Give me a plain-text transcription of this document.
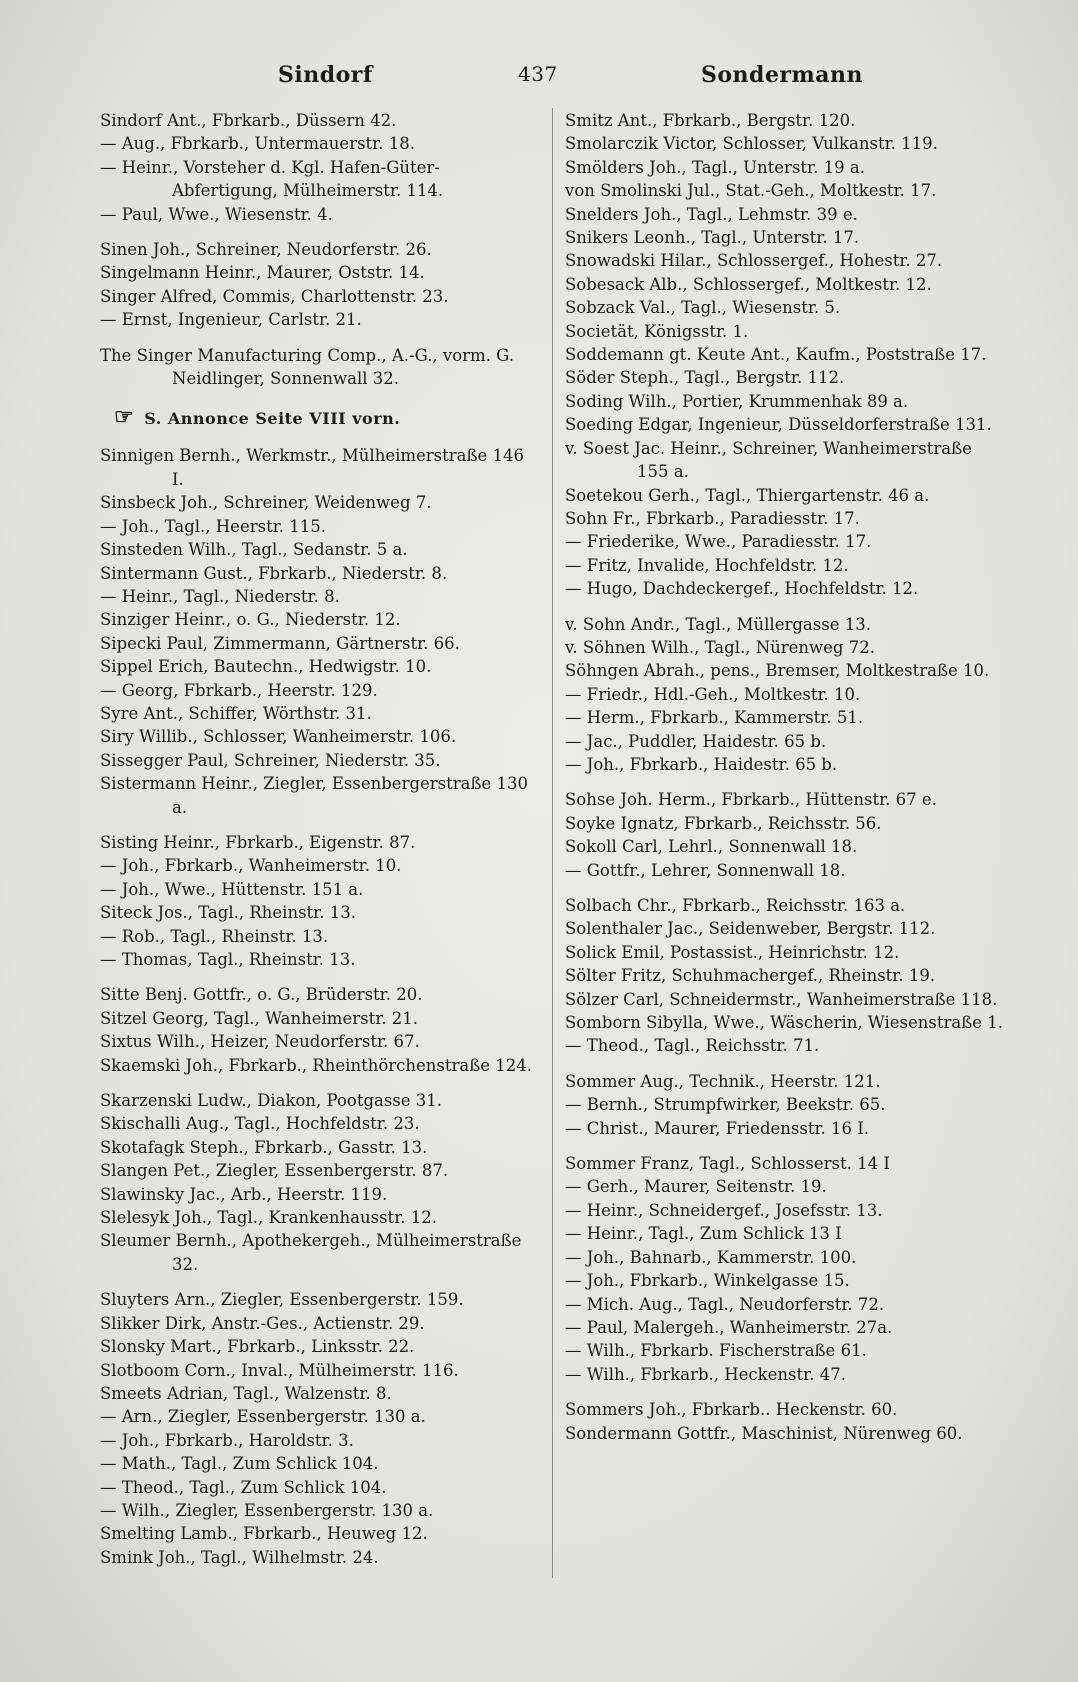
Sindorf	437	Sondermann
Sindorf Ant., Fbrkarb., Düssern 42.
— Aug., Fbrkarb., Untermauerstr. 18.
— Heinr., Vorsteher d. Kgl. Hafen-Güter-Abfertigung, Mülheimerstr. 114.
— Paul, Wwe., Wiesenstr. 4.
Sinen Joh., Schreiner, Neudorferstr. 26.
Singelmann Heinr., Maurer, Oststr. 14.
Singer Alfred, Commis, Charlottenstr. 23.
— Ernst, Ingenieur, Carlstr. 21.
The Singer Manufacturing Comp., A.-G., vorm. G. Neidlinger, Sonnenwall 32.
☞ S. Annonce Seite VIII vorn.
Sinnigen Bernh., Werkmstr., Mülheimerstraße 146 I.
Sinsbeck Joh., Schreiner, Weidenweg 7.
— Joh., Tagl., Heerstr. 115.
Sinsteden Wilh., Tagl., Sedanstr. 5 a.
Sintermann Gust., Fbrkarb., Niederstr. 8.
— Heinr., Tagl., Niederstr. 8.
Sinziger Heinr., o. G., Niederstr. 12.
Sipecki Paul, Zimmermann, Gärtnerstr. 66.
Sippel Erich, Bautechn., Hedwigstr. 10.
— Georg, Fbrkarb., Heerstr. 129.
Syre Ant., Schiffer, Wörthstr. 31.
Siry Willib., Schlosser, Wanheimerstr. 106.
Sissegger Paul, Schreiner, Niederstr. 35.
Sistermann Heinr., Ziegler, Essenbergerstraße 130 a.
Sisting Heinr., Fbrkarb., Eigenstr. 87.
— Joh., Fbrkarb., Wanheimerstr. 10.
— Joh., Wwe., Hüttenstr. 151 a.
Siteck Jos., Tagl., Rheinstr. 13.
— Rob., Tagl., Rheinstr. 13.
— Thomas, Tagl., Rheinstr. 13.
Sitte Benj. Gottfr., o. G., Brüderstr. 20.
Sitzel Georg, Tagl., Wanheimerstr. 21.
Sixtus Wilh., Heizer, Neudorferstr. 67.
Skaemski Joh., Fbrkarb., Rheinthörchenstraße 124.
Skarzenski Ludw., Diakon, Pootgasse 31.
Skischalli Aug., Tagl., Hochfeldstr. 23.
Skotafagk Steph., Fbrkarb., Gasstr. 13.
Slangen Pet., Ziegler, Essenbergerstr. 87.
Slawinsky Jac., Arb., Heerstr. 119.
Slelesyk Joh., Tagl., Krankenhausstr. 12.
Sleumer Bernh., Apothekergeh., Mülheimerstraße 32.
Sluyters Arn., Ziegler, Essenbergerstr. 159.
Slikker Dirk, Anstr.-Ges., Actienstr. 29.
Slonsky Mart., Fbrkarb., Linksstr. 22.
Slotboom Corn., Inval., Mülheimerstr. 116.
Smeets Adrian, Tagl., Walzenstr. 8.
— Arn., Ziegler, Essenbergerstr. 130 a.
— Joh., Fbrkarb., Haroldstr. 3.
— Math., Tagl., Zum Schlick 104.
— Theod., Tagl., Zum Schlick 104.
— Wilh., Ziegler, Essenbergerstr. 130 a.
Smelting Lamb., Fbrkarb., Heuweg 12.
Smink Joh., Tagl., Wilhelmstr. 24.
Smitz Ant., Fbrkarb., Bergstr. 120.
Smolarczik Victor, Schlosser, Vulkanstr. 119.
Smölders Joh., Tagl., Unterstr. 19 a.
von Smolinski Jul., Stat.-Geh., Moltkestr. 17.
Snelders Joh., Tagl., Lehmstr. 39 e.
Snikers Leonh., Tagl., Unterstr. 17.
Snowadski Hilar., Schlossergef., Hohestr. 27.
Sobesack Alb., Schlossergef., Moltkestr. 12.
Sobzack Val., Tagl., Wiesenstr. 5.
Societät, Königsstr. 1.
Soddemann gt. Keute Ant., Kaufm., Poststraße 17.
Söder Steph., Tagl., Bergstr. 112.
Soding Wilh., Portier, Krummenhak 89 a.
Soeding Edgar, Ingenieur, Düsseldorferstraße 131.
v. Soest Jac. Heinr., Schreiner, Wanheimerstraße 155 a.
Soetekou Gerh., Tagl., Thiergartenstr. 46 a.
Sohn Fr., Fbrkarb., Paradiesstr. 17.
— Friederike, Wwe., Paradiesstr. 17.
— Fritz, Invalide, Hochfeldstr. 12.
— Hugo, Dachdeckergef., Hochfeldstr. 12.
v. Sohn Andr., Tagl., Müllergasse 13.
v. Söhnen Wilh., Tagl., Nürenweg 72.
Söhngen Abrah., pens., Bremser, Moltkestraße 10.
— Friedr., Hdl.-Geh., Moltkestr. 10.
— Herm., Fbrkarb., Kammerstr. 51.
— Jac., Puddler, Haidestr. 65 b.
— Joh., Fbrkarb., Haidestr. 65 b.
Sohse Joh. Herm., Fbrkarb., Hüttenstr. 67 e.
Soyke Ignatz, Fbrkarb., Reichsstr. 56.
Sokoll Carl, Lehrl., Sonnenwall 18.
— Gottfr., Lehrer, Sonnenwall 18.
Solbach Chr., Fbrkarb., Reichsstr. 163 a.
Solenthaler Jac., Seidenweber, Bergstr. 112.
Solick Emil, Postassist., Heinrichstr. 12.
Sölter Fritz, Schuhmachergef., Rheinstr. 19.
Sölzer Carl, Schneidermstr., Wanheimerstraße 118.
Somborn Sibylla, Wwe., Wäscherin, Wiesenstraße 1.
— Theod., Tagl., Reichsstr. 71.
Sommer Aug., Technik., Heerstr. 121.
— Bernh., Strumpfwirker, Beekstr. 65.
— Christ., Maurer, Friedensstr. 16 I.
Sommer Franz, Tagl., Schlosserst. 14 I
— Gerh., Maurer, Seitenstr. 19.
— Heinr., Schneidergef., Josefsstr. 13.
— Heinr., Tagl., Zum Schlick 13 I
— Joh., Bahnarb., Kammerstr. 100.
— Joh., Fbrkarb., Winkelgasse 15.
— Mich. Aug., Tagl., Neudorferstr. 72.
— Paul, Malergeh., Wanheimerstr. 27a.
— Wilh., Fbrkarb. Fischerstraße 61.
— Wilh., Fbrkarb., Heckenstr. 47.
Sommers Joh., Fbrkarb.. Heckenstr. 60.
Sondermann Gottfr., Maschinist, Nürenweg 60.
